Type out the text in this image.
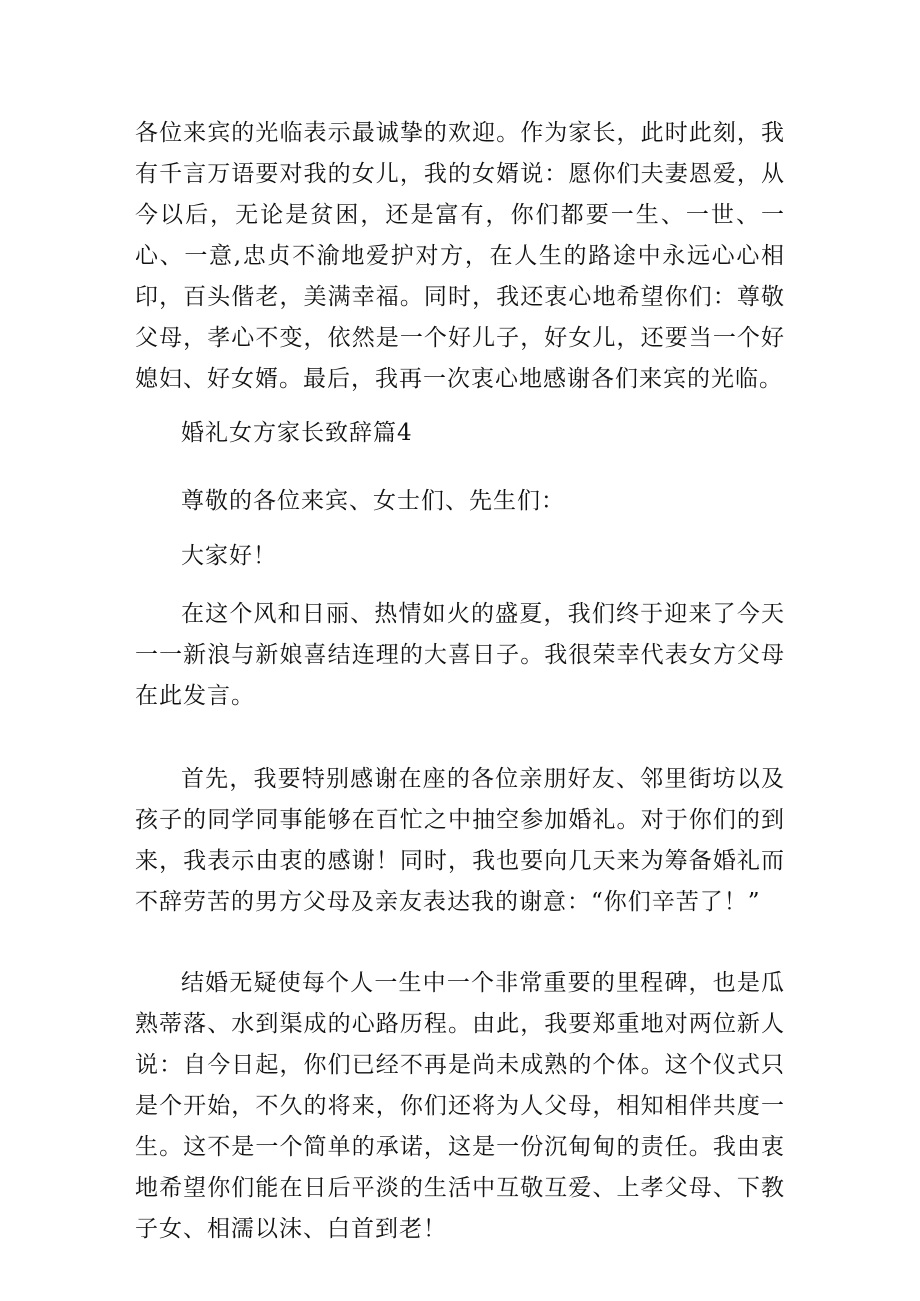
各位来宾的光临表示最诚挚的欢迎。作为家长，此时此刻，我有千言万语要对我的女儿，我的女婿说：愿你们夫妻恩爱，从今以后，无论是贫困，还是富有，你们都要一生、一世、一心、一意,忠贞不渝地爱护对方，在人生的路途中永远心心相印，百头偕老，美满幸福。同时，我还衷心地希望你们：尊敬父母，孝心不变，依然是一个好儿子，好女儿，还要当一个好媳妇、好女婿。最后，我再一次衷心地感谢各们来宾的光临。

婚礼女方家长致辞篇4

尊敬的各位来宾、女士们、先生们：

大家好！

在这个风和日丽、热情如火的盛夏，我们终于迎来了今天一一新浪与新娘喜结连理的大喜日子。我很荣幸代表女方父母在此发言。

首先，我要特别感谢在座的各位亲朋好友、邻里街坊以及孩子的同学同事能够在百忙之中抽空参加婚礼。对于你们的到来，我表示由衷的感谢！同时，我也要向几天来为筹备婚礼而不辞劳苦的男方父母及亲友表达我的谢意：“你们辛苦了！”

结婚无疑使每个人一生中一个非常重要的里程碑，也是瓜熟蒂落、水到渠成的心路历程。由此，我要郑重地对两位新人说：自今日起，你们已经不再是尚未成熟的个体。这个仪式只是个开始，不久的将来，你们还将为人父母，相知相伴共度一生。这不是一个简单的承诺，这是一份沉甸甸的责任。我由衷地希望你们能在日后平淡的生活中互敬互爱、上孝父母、下教子女、相濡以沫、白首到老！
